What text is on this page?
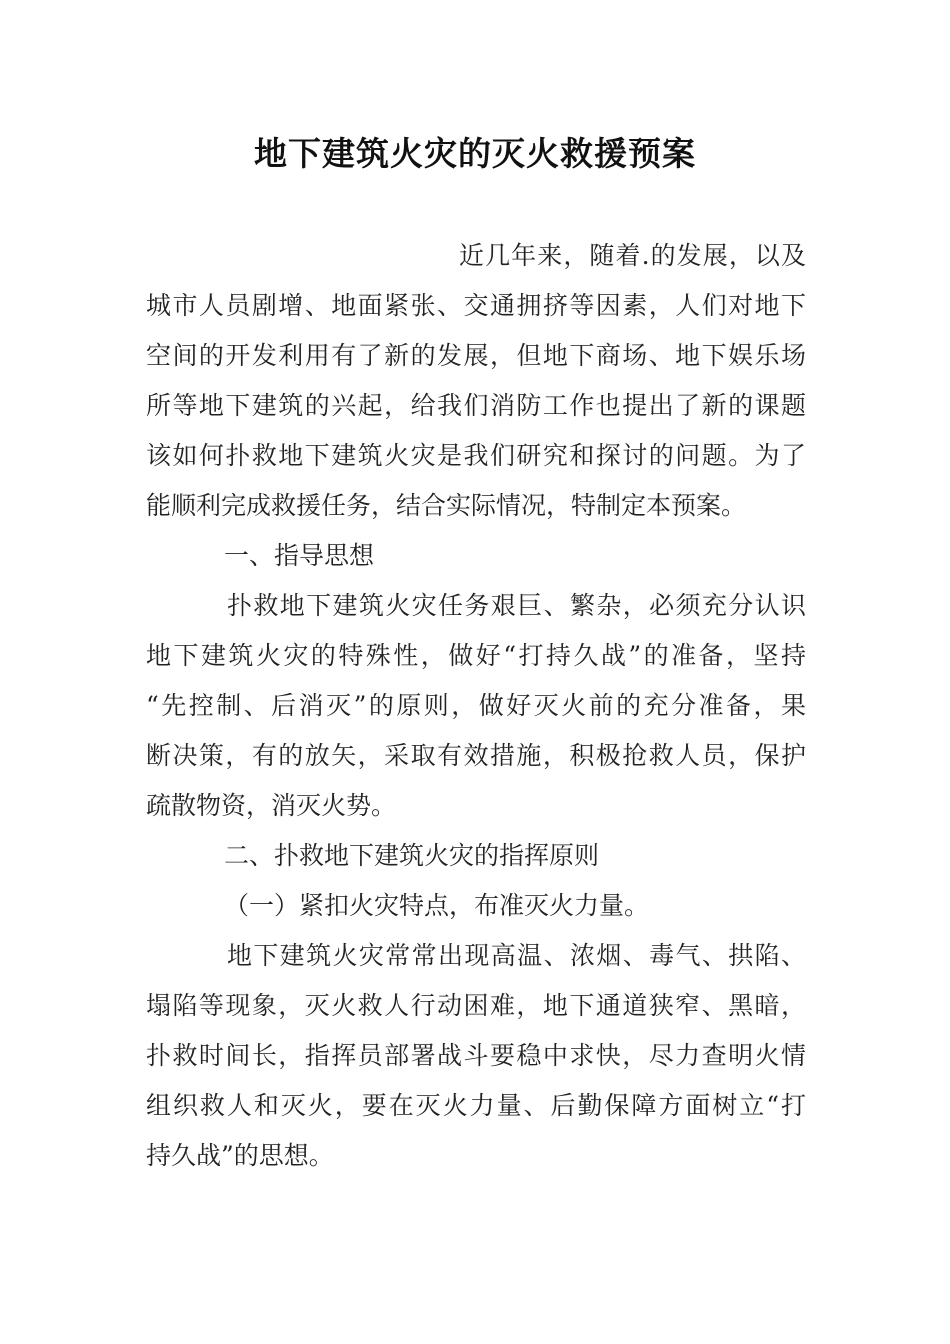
地下建筑火灾的灭火救援预案
近几年来，随着.的发展，以及
城市人员剧增、地面紧张、交通拥挤等因素，人们对地下
空间的开发利用有了新的发展，但地下商场、地下娱乐场
所等地下建筑的兴起，给我们消防工作也提出了新的课题
该如何扑救地下建筑火灾是我们研究和探讨的问题。为了
能顺利完成救援任务，结合实际情况，特制定本预案。
一、指导思想
扑救地下建筑火灾任务艰巨、繁杂，必须充分认识
地下建筑火灾的特殊性，做好“打持久战”的准备，坚持
“先控制、后消灭”的原则，做好灭火前的充分准备，果
断决策，有的放矢，采取有效措施，积极抢救人员，保护
疏散物资，消灭火势。
二、扑救地下建筑火灾的指挥原则
（一）紧扣火灾特点，布准灭火力量。
地下建筑火灾常常出现高温、浓烟、毒气、拱陷、
塌陷等现象，灭火救人行动困难，地下通道狭窄、黑暗，
扑救时间长，指挥员部署战斗要稳中求快，尽力查明火情
组织救人和灭火，要在灭火力量、后勤保障方面树立“打
持久战”的思想。
